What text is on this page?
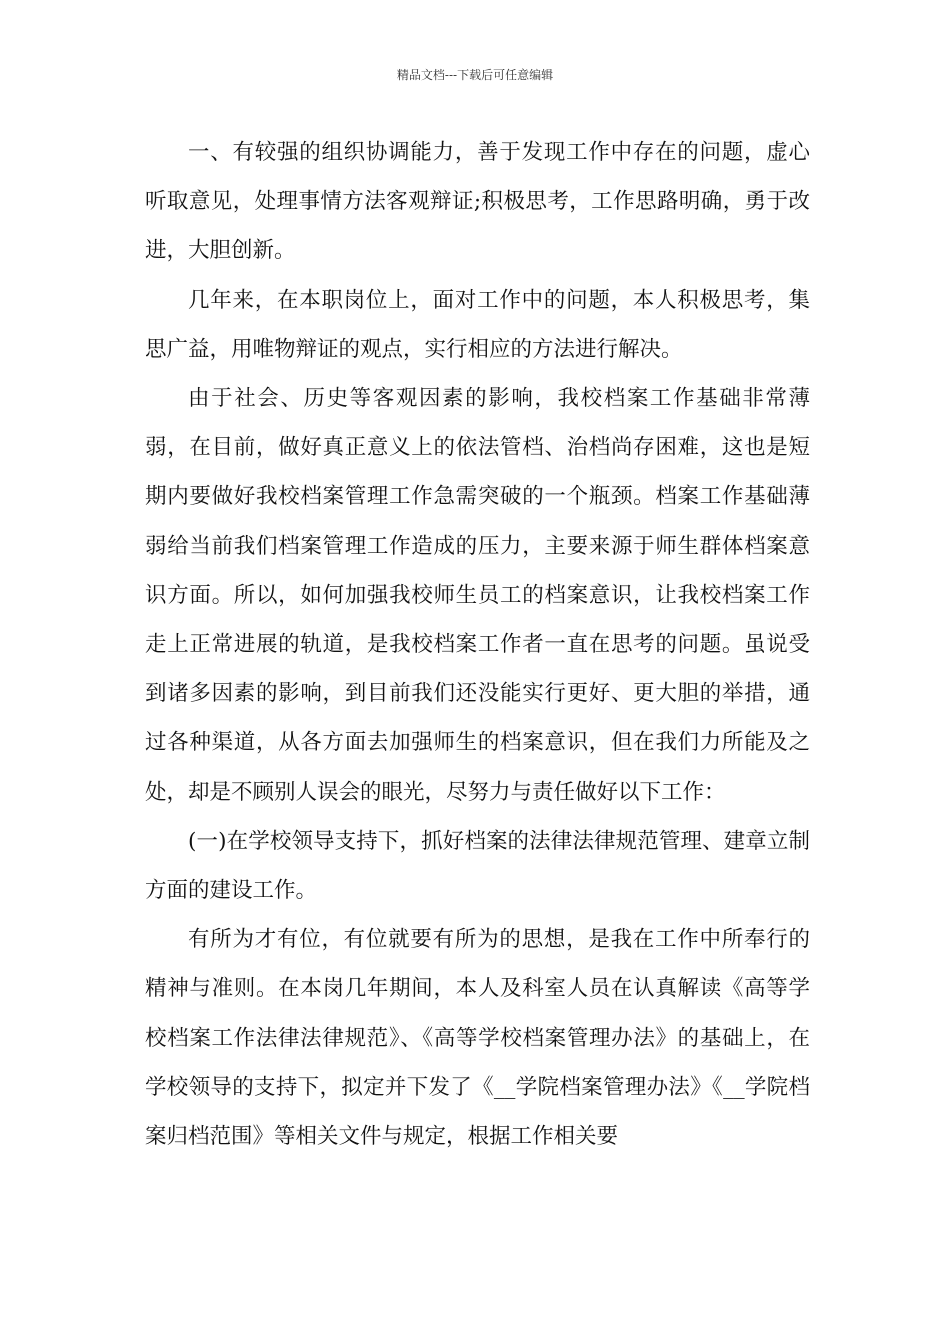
精品文档---下载后可任意编辑

一、有较强的组织协调能力，善于发现工作中存在的问题，虚心听取意见，处理事情方法客观辩证;积极思考，工作思路明确，勇于改进，大胆创新。

几年来，在本职岗位上，面对工作中的问题，本人积极思考，集思广益，用唯物辩证的观点，实行相应的方法进行解决。

由于社会、历史等客观因素的影响，我校档案工作基础非常薄弱，在目前，做好真正意义上的依法管档、治档尚存困难，这也是短期内要做好我校档案管理工作急需突破的一个瓶颈。档案工作基础薄弱给当前我们档案管理工作造成的压力，主要来源于师生群体档案意识方面。所以，如何加强我校师生员工的档案意识，让我校档案工作走上正常进展的轨道，是我校档案工作者一直在思考的问题。虽说受到诸多因素的影响，到目前我们还没能实行更好、更大胆的举措，通过各种渠道，从各方面去加强师生的档案意识，但在我们力所能及之处，却是不顾别人误会的眼光，尽努力与责任做好以下工作：

(一)在学校领导支持下，抓好档案的法律法律规范管理、建章立制方面的建设工作。

有所为才有位，有位就要有所为的思想，是我在工作中所奉行的精神与准则。在本岗几年期间，本人及科室人员在认真解读《高等学校档案工作法律法律规范》、《高等学校档案管理办法》的基础上，在学校领导的支持下，拟定并下发了《__学院档案管理办法》《__学院档案归档范围》等相关文件与规定，根据工作相关要
